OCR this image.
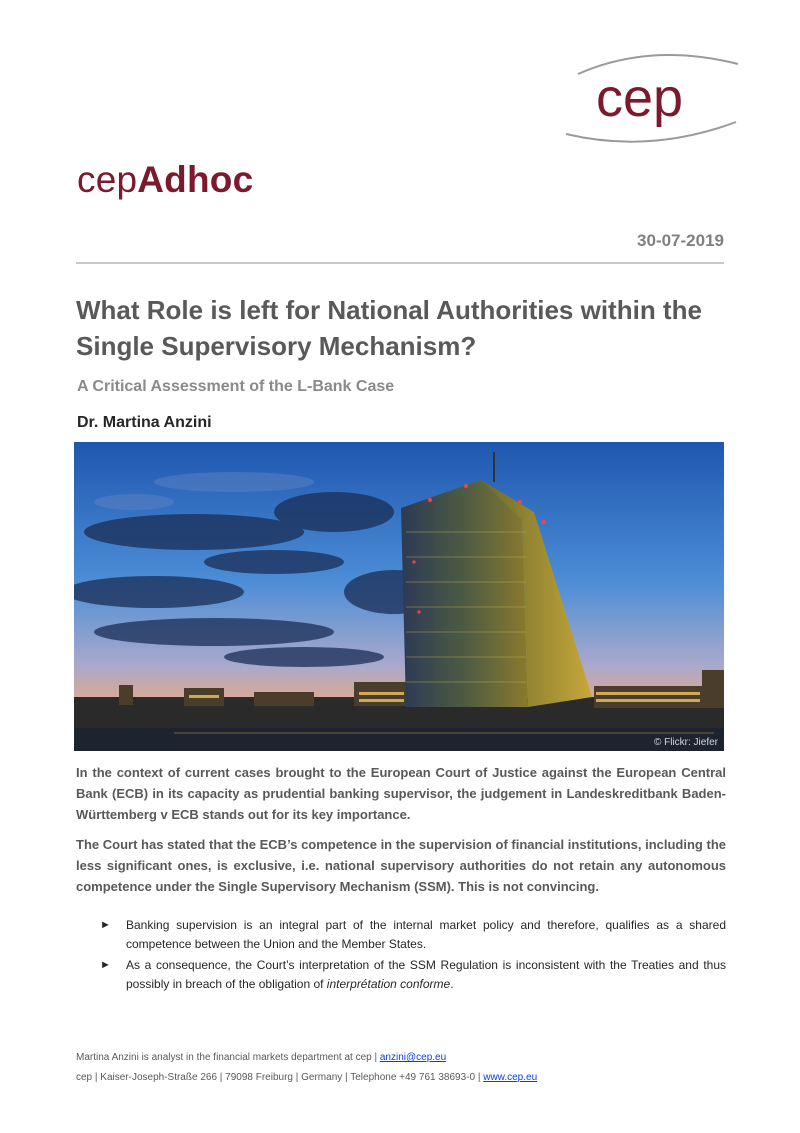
cep
cepAdhoc
30-07-2019
What Role is left for National Authorities within the Single Supervisory Mechanism?
A Critical Assessment of the L-Bank Case
Dr. Martina Anzini
© Flickr: Jiefer
In the context of current cases brought to the European Court of Justice against the European Central Bank (ECB) in its capacity as prudential banking supervisor, the judgement in Landeskreditbank Baden-Württemberg v ECB stands out for its key importance.
The Court has stated that the ECB’s competence in the supervision of financial institutions, including the less significant ones, is exclusive, i.e. national supervisory authorities do not retain any autonomous competence under the Single Supervisory Mechanism (SSM). This is not convincing.
► Banking supervision is an integral part of the internal market policy and therefore, qualifies as a shared competence between the Union and the Member States.
► As a consequence, the Court’s interpretation of the SSM Regulation is inconsistent with the Treaties and thus possibly in breach of the obligation of interprétation conforme.
Martina Anzini is analyst in the financial markets department at cep | anzini@cep.eu
cep | Kaiser-Joseph-Straße 266 | 79098 Freiburg | Germany | Telephone +49 761 38693-0 | www.cep.eu
